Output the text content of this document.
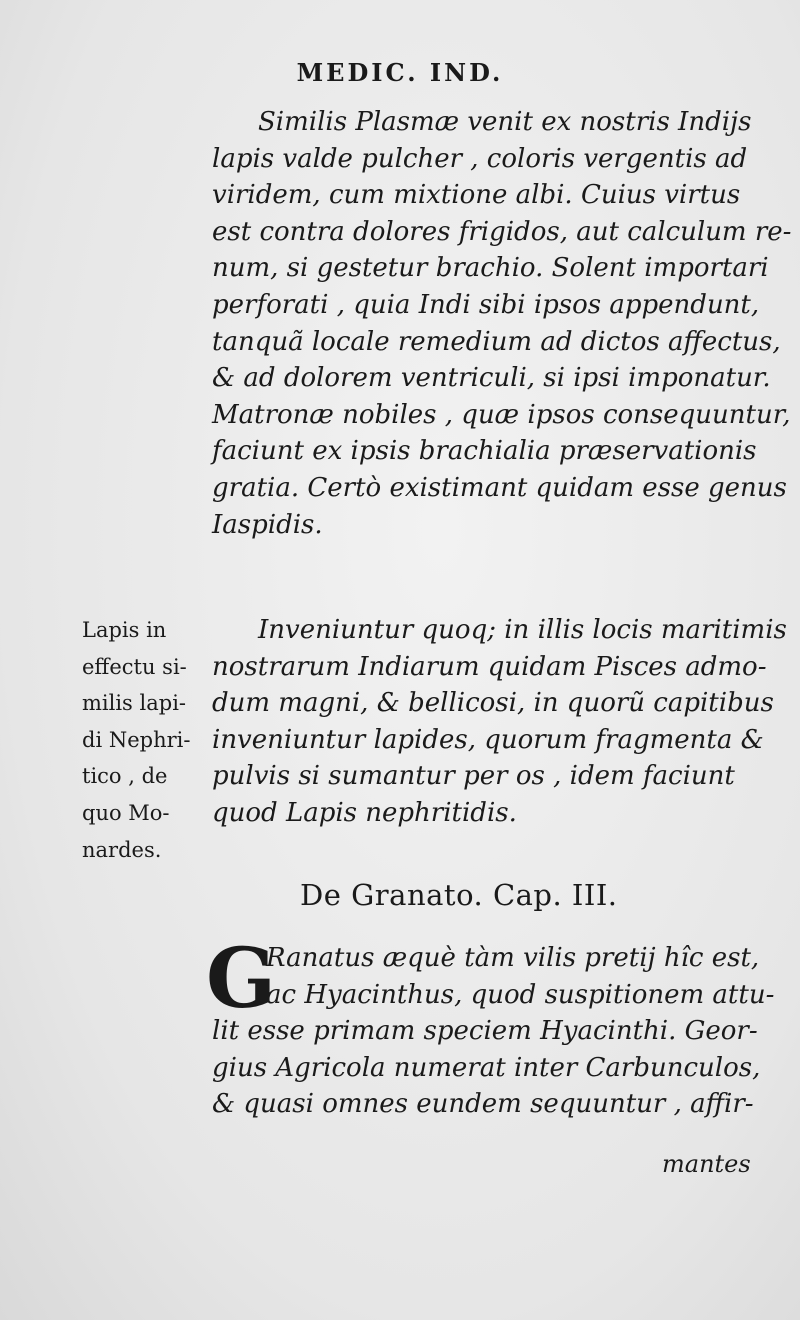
MEDIC. IND.
Similis Plasmæ venit ex nostris Indijs
lapis valde pulcher , coloris vergentis ad
viridem, cum mixtione albi. Cuius virtus
est contra dolores frigidos, aut calculum re-
num, si gestetur brachio. Solent importari
perforati , quia Indi sibi ipsos appendunt,
tanquã locale remedium ad dictos affectus,
& ad dolorem ventriculi, si ipsi imponatur.
Matronæ nobiles , quæ ipsos consequuntur,
faciunt ex ipsis brachialia præservationis
gratia. Certò existimant quidam esse genus
Iaspidis.
Lapis in
effectu si-
milis lapi-
di Nephri-
tico , de
quo Mo-
nardes.
Inveniuntur quoq; in illis locis maritimis
nostrarum Indiarum quidam Pisces admo-
dum magni, & bellicosi, in quorũ capitibus
inveniuntur lapides, quorum fragmenta &
pulvis si sumantur per os , idem faciunt
quod Lapis nephritidis.
De Granato. Cap. III.
G
Ranatus æquè tàm vilis pretij hîc est,
ac Hyacinthus, quod suspitionem attu-
lit esse primam speciem Hyacinthi. Geor-
gius Agricola numerat inter Carbunculos,
& quasi omnes eundem sequuntur , affir-
mantes
